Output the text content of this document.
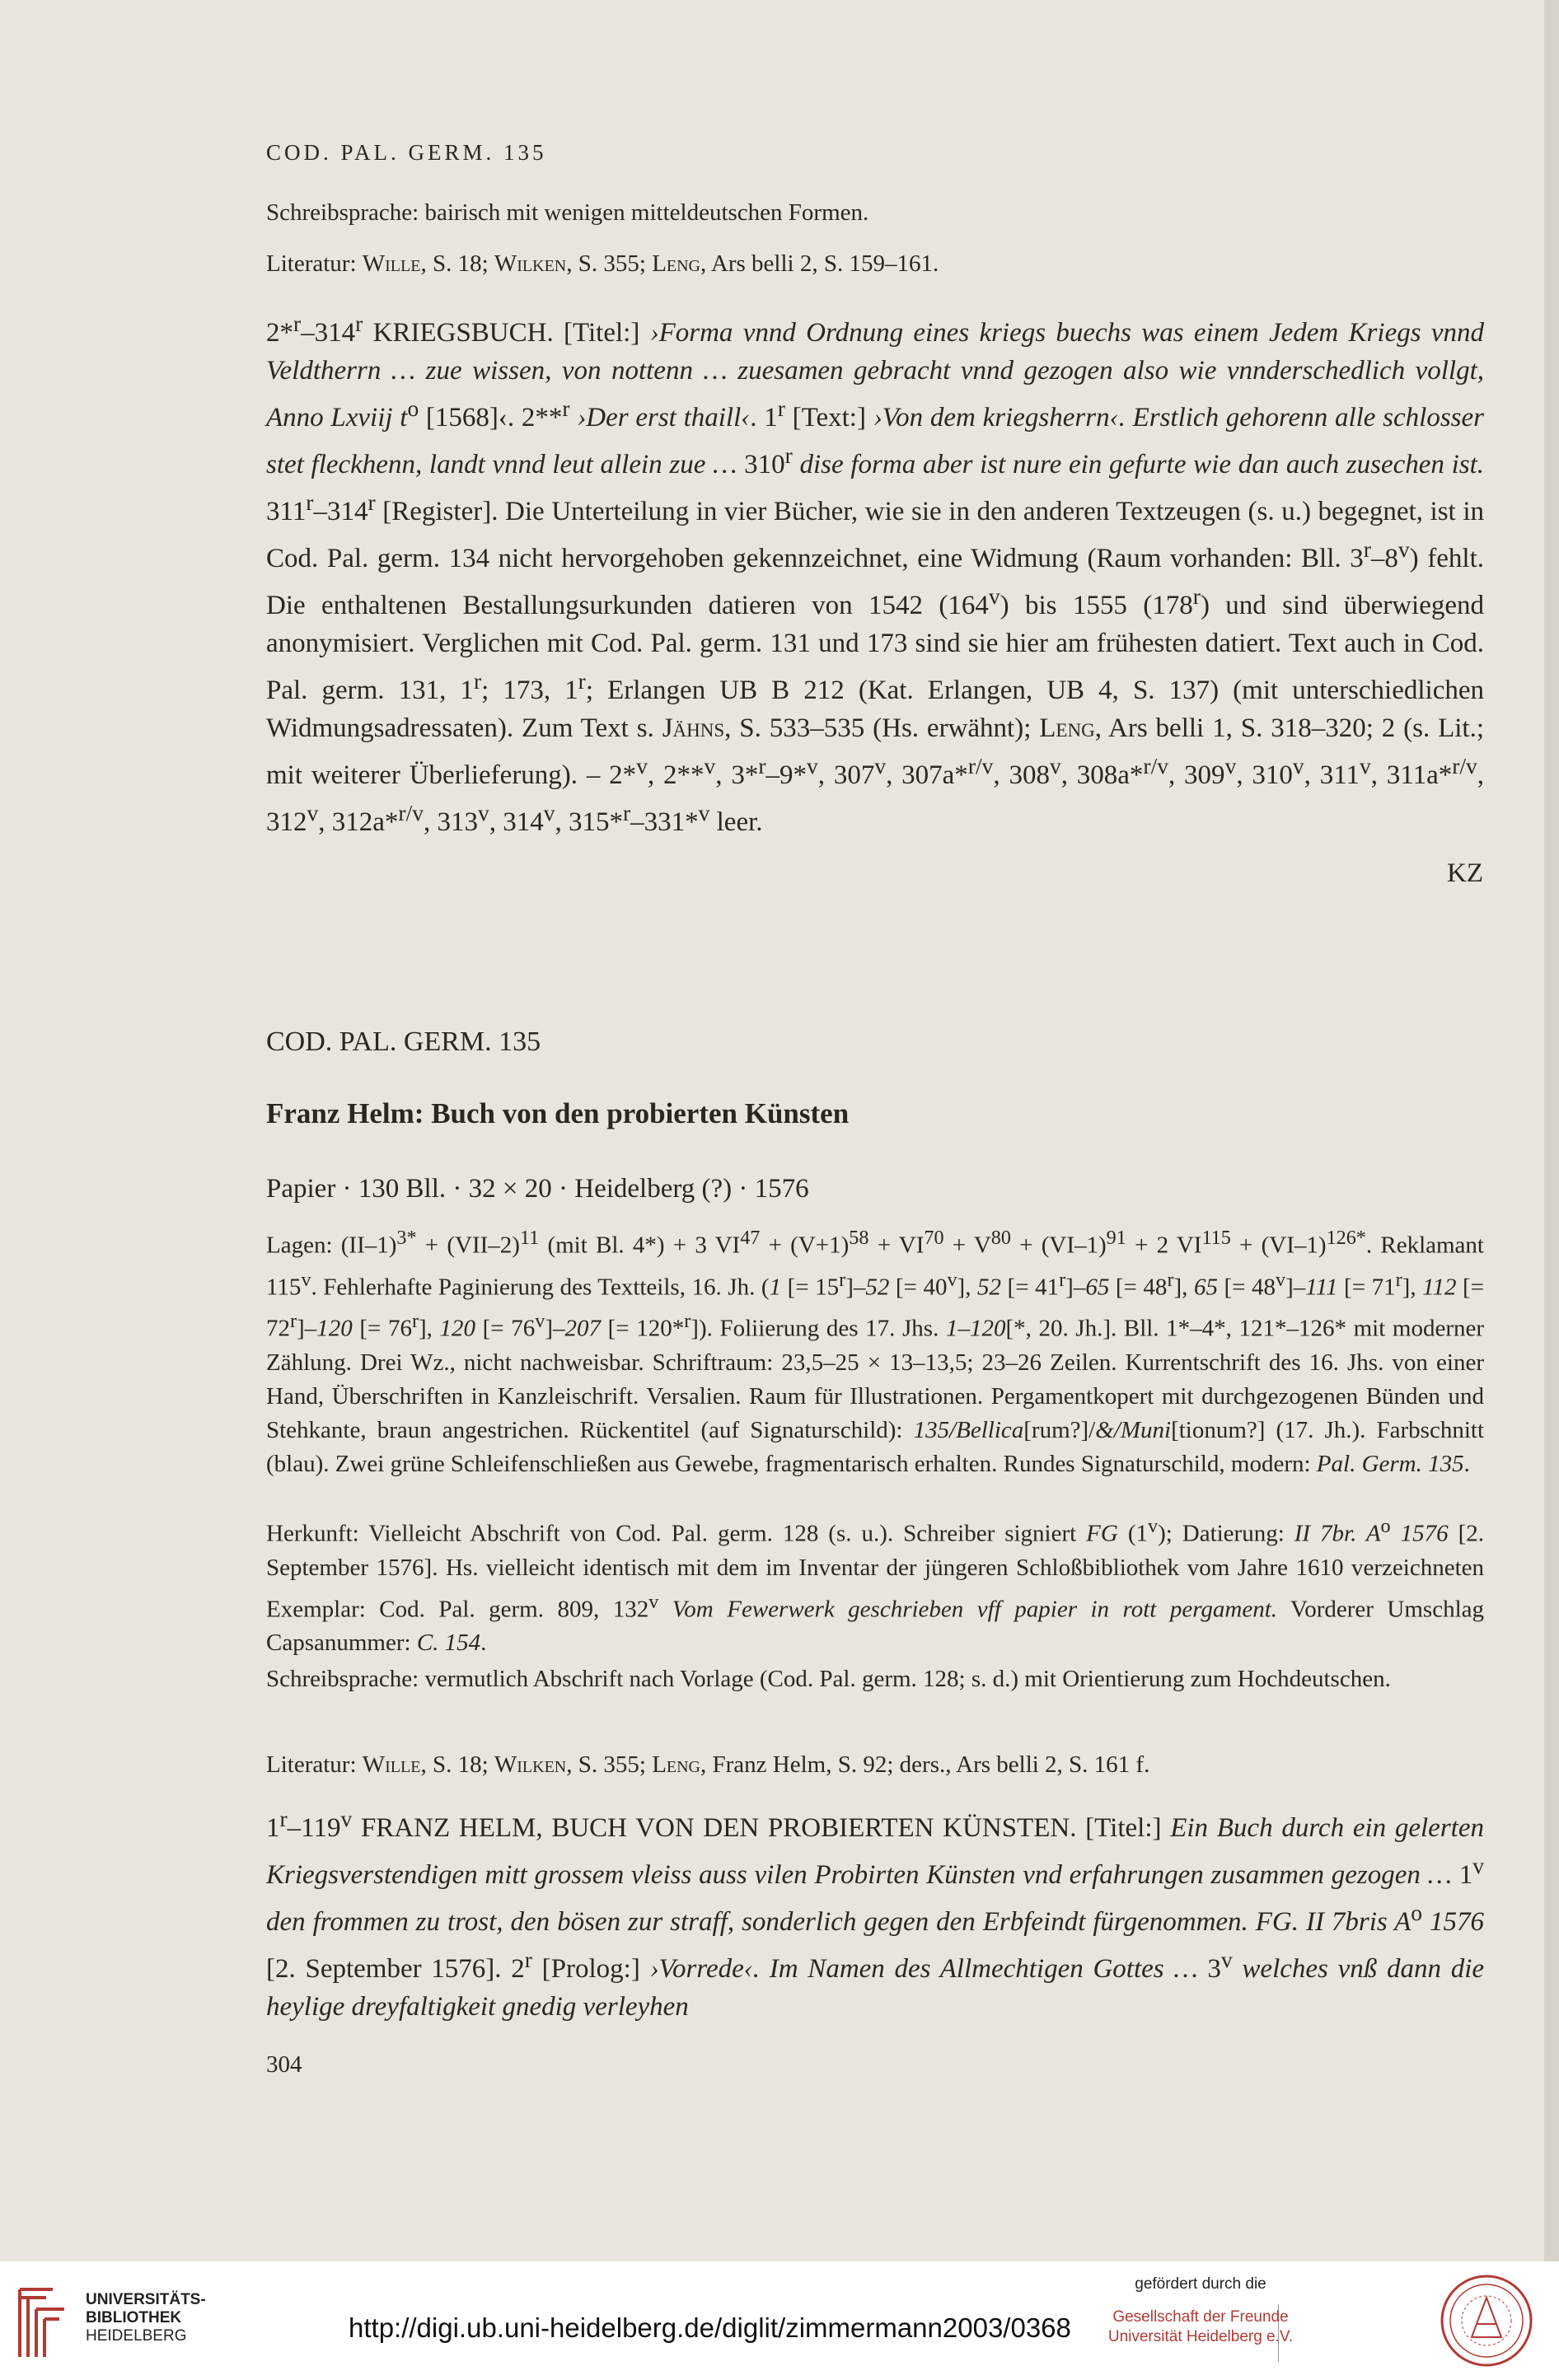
COD. PAL. GERM. 135
Schreibsprache: bairisch mit wenigen mitteldeutschen Formen.
Literatur: Wille, S. 18; Wilken, S. 355; Leng, Ars belli 2, S. 159–161.
2*$^r$–314$^r$ KRIEGSBUCH. [Titel:] ›Forma vnnd Ordnung eines kriegs buechs was einem Jedem Kriegs vnnd Veldtherrn … zue wissen, von nottenn … zuesamen gebracht vnnd gezogen also wie vnnderschedlich vollgt, Anno Lxviij $t^o$ [1568]‹. 2**$^r$ ›Der erst thaill‹. 1$^r$ [Text:] ›Von dem kriegsherrn‹. Erstlich gehorenn alle schlosser stet fleckhenn, landt vnnd leut allein zue … 310$^r$ dise forma aber ist nure ein gefurte wie dan auch zusechen ist. 311$^r$–314$^r$ [Register]. Die Unterteilung in vier Bücher, wie sie in den anderen Textzeugen (s. u.) begegnet, ist in Cod. Pal. germ. 134 nicht hervorgehoben gekennzeichnet, eine Widmung (Raum vorhanden: Bll. 3$^r$–8$^v$) fehlt. Die enthaltenen Bestallungsurkunden datieren von 1542 (164$^v$) bis 1555 (178$^r$) und sind überwiegend anonymisiert. Verglichen mit Cod. Pal. germ. 131 und 173 sind sie hier am frühesten datiert. Text auch in Cod. Pal. germ. 131, 1$^r$; 173, 1$^r$; Erlangen UB B 212 (Kat. Erlangen, UB 4, S. 137) (mit unterschiedlichen Widmungsadressaten). Zum Text s. Jähns, S. 533–535 (Hs. erwähnt); Leng, Ars belli 1, S. 318–320; 2 (s. Lit.; mit weiterer Überlieferung). – 2*$^v$, 2**$^v$, 3*$^r$–9*$^v$, 307$^v$, 307a*$^{r/v}$, 308$^v$, 308a*$^{r/v}$, 309$^v$, 310$^v$, 311$^v$, 311a*$^{r/v}$, 312$^v$, 312a*$^{r/v}$, 313$^v$, 314$^v$, 315*$^r$–331*$^v$ leer.
KZ
COD. PAL. GERM. 135
Franz Helm: Buch von den probierten Künsten
Papier · 130 Bll. · 32 × 20 · Heidelberg (?) · 1576
Lagen: $(II-1)^{3*} + (VII-2)^{11}$ (mit Bl. 4*) + 3 $VI^{47} + (V+1)^{58} + VI^{70} + V^{80} + (VI-1)^{91} + 2$ $VI^{115} + (VI-1)^{126*}$. Reklamant 115$^v$. Fehlerhafte Paginierung des Textteils, 16. Jh. (1 [= $15^r]-52$ [= $40^v$], 52 [= $41^r]-65$ [= $48^r$], 65 [= $48^v]-111$ [= $71^r$], 112 [= $72^r]-120$ [= $76^r$], 120 [= $76^v]-207$ [= 120*$^r$]). Foliierung des 17. Jhs. 1–120[*, 20. Jh.]. Bll. 1*–4*, 121*–126* mit moderner Zählung. Drei Wz., nicht nachweisbar. Schriftraum: 23,5–25 × 13–13,5; 23–26 Zeilen. Kurrentschrift des 16. Jhs. von einer Hand, Überschriften in Kanzleischrift. Versalien. Raum für Illustrationen. Pergamentkopert mit durchgezogenen Bünden und Stehkante, braun angestrichen. Rückentitel (auf Signaturschild): 135/Bellica[rum?]/&/Muni[tionum?] (17. Jh.). Farbschnitt (blau). Zwei grüne Schleifenschließen aus Gewebe, fragmentarisch erhalten. Rundes Signaturschild, modern: Pal. Germ. 135.
Herkunft: Vielleicht Abschrift von Cod. Pal. germ. 128 (s. u.). Schreiber signiert FG (1$^v$); Datierung: II 7br. $A^o$ 1576 [2. September 1576]. Hs. vielleicht identisch mit dem im Inventar der jüngeren Schloßbibliothek vom Jahre 1610 verzeichneten Exemplar: Cod. Pal. germ. 809, 132$^v$ Vom Fewerwerk geschrieben vff papier in rott pergament. Vorderer Umschlag Capsanummer: C. 154.
Schreibsprache: vermutlich Abschrift nach Vorlage (Cod. Pal. germ. 128; s. d.) mit Orientierung zum Hochdeutschen.
Literatur: Wille, S. 18; Wilken, S. 355; Leng, Franz Helm, S. 92; ders., Ars belli 2, S. 161 f.
1$^r$–119$^v$ FRANZ HELM, BUCH VON DEN PROBIERTEN KÜNSTEN. [Titel:] Ein Buch durch ein gelerten Kriegsverstendigen mitt grossem vleiss auss vilen Probirten Künsten vnd erfahrungen zusammen gezogen … 1$^v$ den frommen zu trost, den bösen zur straff, sonderlich gegen den Erbfeindt fürgenommen. FG. II 7bris $A^o$ 1576 [2. September 1576]. 2$^r$ [Prolog:] ›Vorrede‹. Im Namen des Allmechtigen Gottes … 3$^v$ welches vnß dann die heylige dreyfaltigkeit gnedig verleyhen
304
UNIVERSITÄTS-
BIBLIOTHEK
HEIDELBERG	http://digi.ub.uni-heidelberg.de/diglit/zimmermann2003/0368
gefördert durch die
Gesellschaft der Freunde
Universität Heidelberg e.V.
